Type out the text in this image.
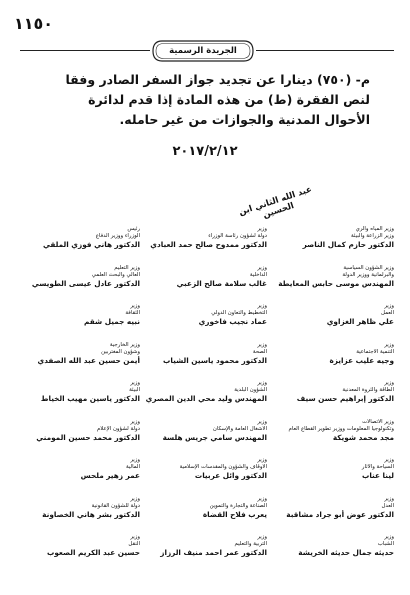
١١٥٠
الجريدة الرسمية
م- (٧٥٠) دينارا عن تجديد جواز السفر الصادر وفقا لنص الفقرة (ط) من هذه المادة إذا قدم لدائرة الأحوال المدنية والجوازات من غير حامله.
٢٠١٧/٢/١٢
عبد الله الثاني ابن الحسين
وزير المياه والري
وزير الزراعة والبيئة
الدكتور حازم كمال الناصر
وزير
دولة لشؤون رئاسة الوزراء
الدكتور ممدوح صالح حمد العبادي
رئيس
الوزراء ووزير الدفاع
الدكتور هاني فوزي الملقي
وزير الشؤون السياسية
والبرلمانية ووزير الدولة
المهندس موسى حابس المعايطة
وزير
الداخلية
غالب سلامة صالح الزعبي
وزير التعليم
العالي والبحث العلمي
الدكتور عادل عيسى الطويسي
وزير
العمل
علي ظاهر الغزاوي
وزير
التخطيط والتعاون الدولي
عماد نجيب فاخوري
وزير
الثقافة
نبيه جميل شقم
وزير
التنمية الاجتماعية
وجيه عليب عزايزة
وزير
الصحة
الدكتور محمود ياسين الشياب
وزير الخارجية
وشؤون المغتربين
أيمن حسين عبد الله الصفدي
وزير
الطاقة والثروة المعدنية
الدكتور إبراهيم حسن سيف
وزير
الشؤون البلدية
المهندس وليد محي الدين المصري
وزير
البيئة
الدكتور ياسين مهيب الخياط
وزير الاتصالات
وتكنولوجيا المعلومات ووزير تطوير القطاع العام
مجد محمد شويكة
وزير
الأشغال العامة والإسكان
المهندس سامي جريس هلسة
وزير
دولة لشؤون الإعلام
الدكتور محمد حسين المومني
وزير
السياحة والآثار
لينا عناب
وزير
الأوقاف والشؤون والمقدسات الإسلامية
الدكتور وائل عربيات
وزير
المالية
عمر زهير ملحس
وزير
العدل
الدكتور عوض أبو جراد مشاقبة
وزير
الصناعة والتجارة والتموين
يعرب فلاح القضاة
وزير
دولة للشؤون القانونية
الدكتور بشر هاني الخصاونة
وزير
الشباب
حديثه جمال حديثه الخريشة
وزير
التربية والتعليم
الدكتور عمر احمد منيف الرزاز
وزير
النقل
حسين عبد الكريم الصعوب
